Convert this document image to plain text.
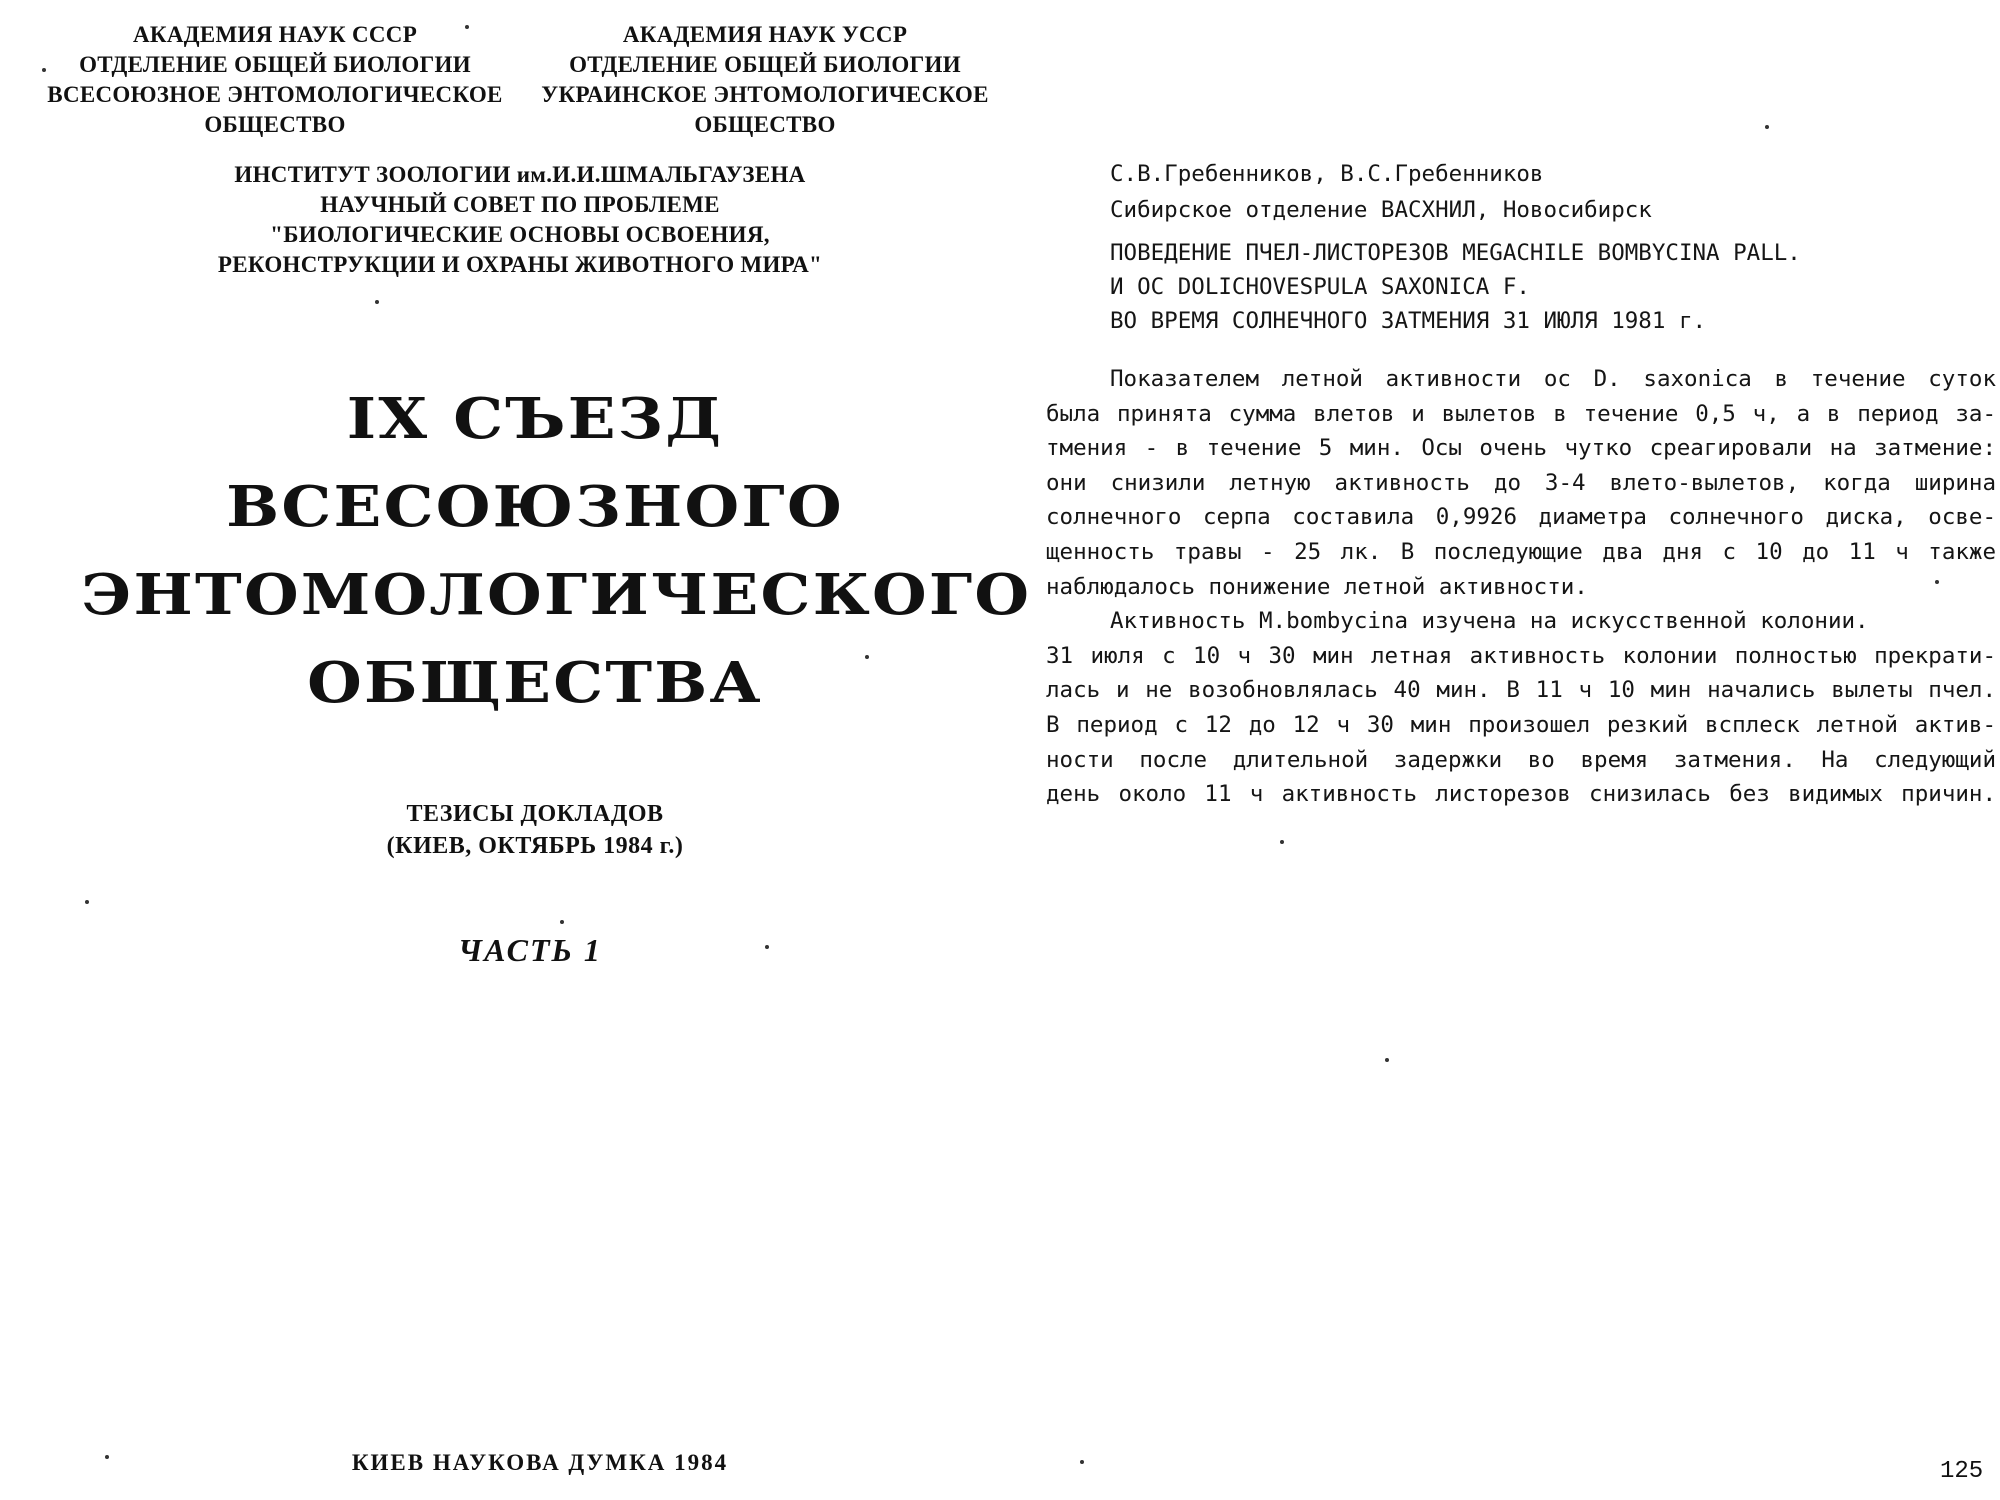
АКАДЕМИЯ НАУК СССР
ОТДЕЛЕНИЕ ОБЩЕЙ БИОЛОГИИ
ВСЕСОЮЗНОЕ ЭНТОМОЛОГИЧЕСКОЕ
ОБЩЕСТВО
АКАДЕМИЯ НАУК УССР
ОТДЕЛЕНИЕ ОБЩЕЙ БИОЛОГИИ
УКРАИНСКОЕ ЭНТОМОЛОГИЧЕСКОЕ
ОБЩЕСТВО
ИНСТИТУТ ЗООЛОГИИ им.И.И.ШМАЛЬГАУЗЕНА
НАУЧНЫЙ СОВЕТ ПО ПРОБЛЕМЕ
"БИОЛОГИЧЕСКИЕ ОСНОВЫ ОСВОЕНИЯ,
РЕКОНСТРУКЦИИ И ОХРАНЫ ЖИВОТНОГО МИРА"
IX СЪЕЗД
ВСЕСОЮЗНОГО
ЭНТОМОЛОГИЧЕСКОГО
ОБЩЕСТВА
ТЕЗИСЫ ДОКЛАДОВ
(КИЕВ, ОКТЯБРЬ 1984 г.)
ЧАСТЬ 1
КИЕВ НАУКОВА ДУМКА 1984
С.В.Гребенников, В.С.Гребенников
Сибирское отделение ВАСХНИЛ, Новосибирск
ПОВЕДЕНИЕ ПЧЕЛ-ЛИСТОРЕЗОВ MEGACHILE BOMBYCINA PALL.
И ОС DOLICHOVESPULA SAXONICA F.
ВО ВРЕМЯ СОЛНЕЧНОГО ЗАТМЕНИЯ 31 ИЮЛЯ 1981 г.
Показателем летной активности ос D. saxonica в течение суток
была принята сумма влетов и вылетов в течение 0,5 ч, а в период за-
тмения - в течение 5 мин. Осы очень чутко среагировали на затмение:
они снизили летную активность до 3-4 влето-вылетов, когда ширина
солнечного серпа составила 0,9926 диаметра солнечного диска, осве-
щенность травы - 25 лк. В последующие два дня с 10 до 11 ч также
наблюдалось понижение летной активности.
Активность M.bombycina изучена на искусственной колонии.
31 июля с 10 ч 30 мин летная активность колонии полностью прекрати-
лась и не возобновлялась 40 мин. В 11 ч 10 мин начались вылеты пчел.
В период с 12 до 12 ч 30 мин произошел резкий всплеск летной актив-
ности после длительной задержки во время затмения. На следующий
день около 11 ч активность листорезов снизилась без видимых причин.
125
